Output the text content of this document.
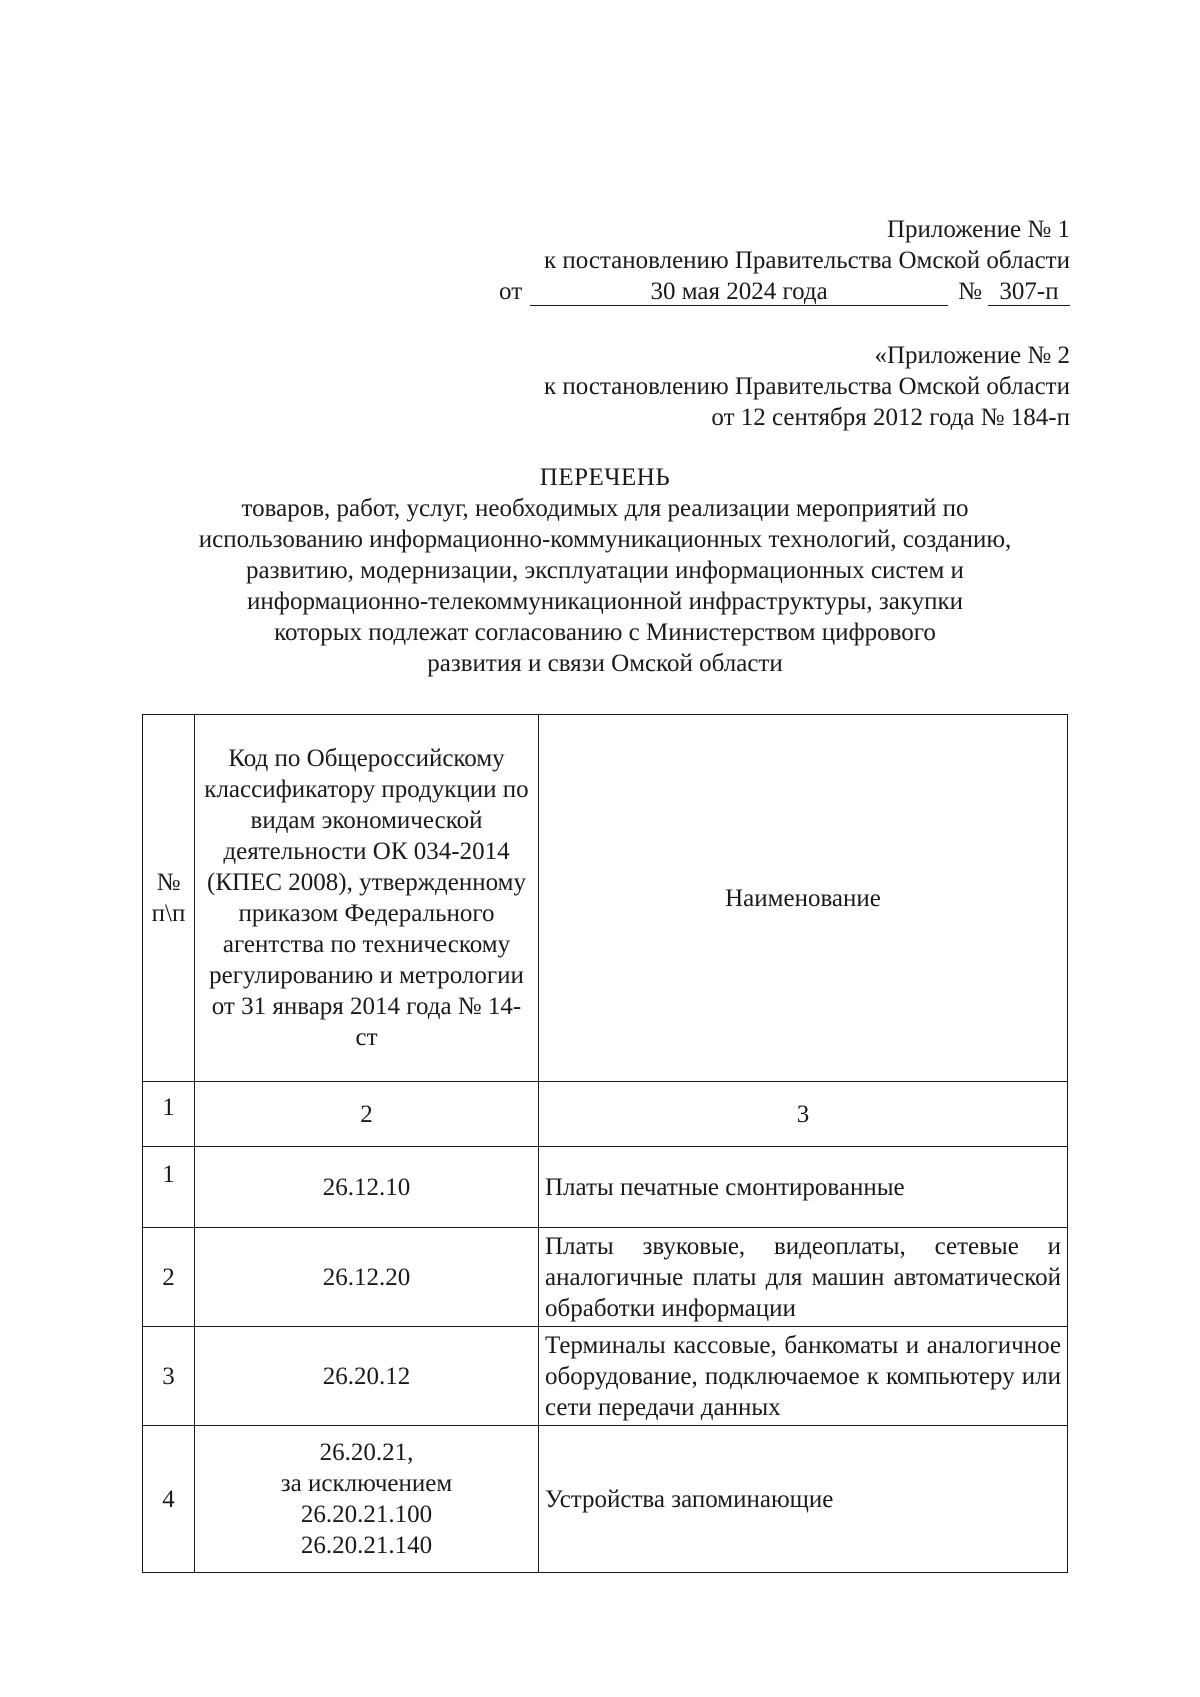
Приложение № 1
к постановлению Правительства Омской области
от	30 мая 2024 года	№ 307-п
«Приложение № 2
к постановлению Правительства Омской области
от 12 сентября 2012 года № 184-п
ПЕРЕЧЕНЬ
товаров, работ, услуг, необходимых для реализации мероприятий по
использованию информационно-коммуникационных технологий, созданию,
развитию, модернизации, эксплуатации информационных систем и
информационно-телекоммуникационной инфраструктуры, закупки
которых подлежат согласованию с Министерством цифрового
развития и связи Омской области
№ п\п	Код по Общероссийскому классификатору продукции по видам экономической деятельности ОК 034-2014 (КПЕС 2008), утвержденному приказом Федерального агентства по техническому регулированию и метрологии от 31 января 2014 года № 14-ст	Наименование
1	2	3
1	26.12.10	Платы печатные смонтированные
2	26.12.20	Платы звуковые, видеоплаты, сетевые и аналогичные платы для машин автоматической обработки информации
3	26.20.12	Терминалы кассовые, банкоматы и аналогичное оборудование, подключаемое к компьютеру или сети передачи данных
4	26.20.21,
за исключением
26.20.21.100
26.20.21.140	Устройства запоминающие
